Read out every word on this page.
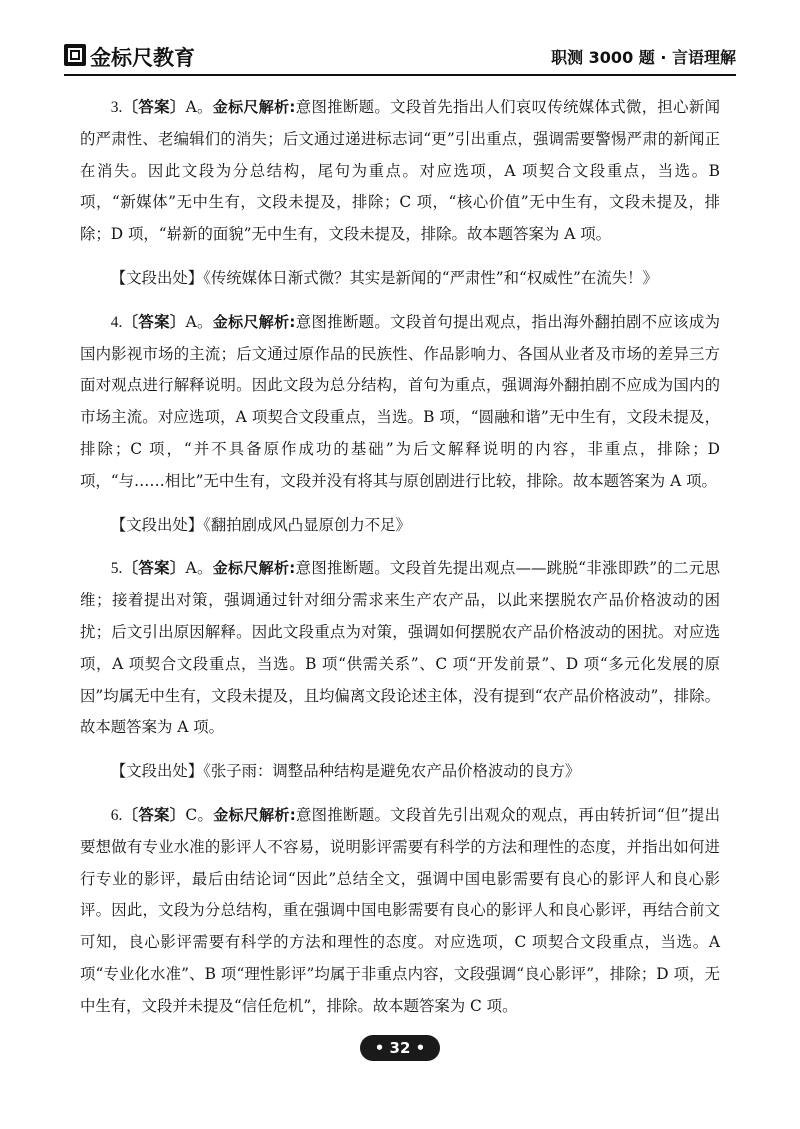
金标尺教育	职测 3000 题 · 言语理解

3.〔答案〕A。金标尺解析:意图推断题。文段首先指出人们哀叹传统媒体式微，担心新闻的严肃性、老编辑们的消失；后文通过递进标志词“更”引出重点，强调需要警惕严肃的新闻正在消失。因此文段为分总结构，尾句为重点。对应选项，A 项契合文段重点，当选。B 项，“新媒体”无中生有，文段未提及，排除；C 项，“核心价值”无中生有，文段未提及，排除；D 项，“崭新的面貌”无中生有，文段未提及，排除。故本题答案为 A 项。

【文段出处】《传统媒体日渐式微？其实是新闻的“严肃性”和“权威性”在流失！》

4.〔答案〕A。金标尺解析:意图推断题。文段首句提出观点，指出海外翻拍剧不应该成为国内影视市场的主流；后文通过原作品的民族性、作品影响力、各国从业者及市场的差异三方面对观点进行解释说明。因此文段为总分结构，首句为重点，强调海外翻拍剧不应成为国内的市场主流。对应选项，A 项契合文段重点，当选。B 项，“圆融和谐”无中生有，文段未提及，排除；C 项，“并不具备原作成功的基础”为后文解释说明的内容，非重点，排除；D 项，“与……相比”无中生有，文段并没有将其与原创剧进行比较，排除。故本题答案为 A 项。

【文段出处】《翻拍剧成风凸显原创力不足》

5.〔答案〕A。金标尺解析:意图推断题。文段首先提出观点——跳脱“非涨即跌”的二元思维；接着提出对策，强调通过针对细分需求来生产农产品，以此来摆脱农产品价格波动的困扰；后文引出原因解释。因此文段重点为对策，强调如何摆脱农产品价格波动的困扰。对应选项，A 项契合文段重点，当选。B 项“供需关系”、C 项“开发前景”、D 项“多元化发展的原因”均属无中生有，文段未提及，且均偏离文段论述主体，没有提到“农产品价格波动”，排除。故本题答案为 A 项。

【文段出处】《张子雨：调整品种结构是避免农产品价格波动的良方》

6.〔答案〕C。金标尺解析:意图推断题。文段首先引出观众的观点，再由转折词“但”提出要想做有专业水准的影评人不容易，说明影评需要有科学的方法和理性的态度，并指出如何进行专业的影评，最后由结论词“因此”总结全文，强调中国电影需要有良心的影评人和良心影评。因此，文段为分总结构，重在强调中国电影需要有良心的影评人和良心影评，再结合前文可知，良心影评需要有科学的方法和理性的态度。对应选项，C 项契合文段重点，当选。A 项“专业化水准”、B 项“理性影评”均属于非重点内容，文段强调“良心影评”，排除；D 项，无中生有，文段并未提及“信任危机”，排除。故本题答案为 C 项。

• 32 •
